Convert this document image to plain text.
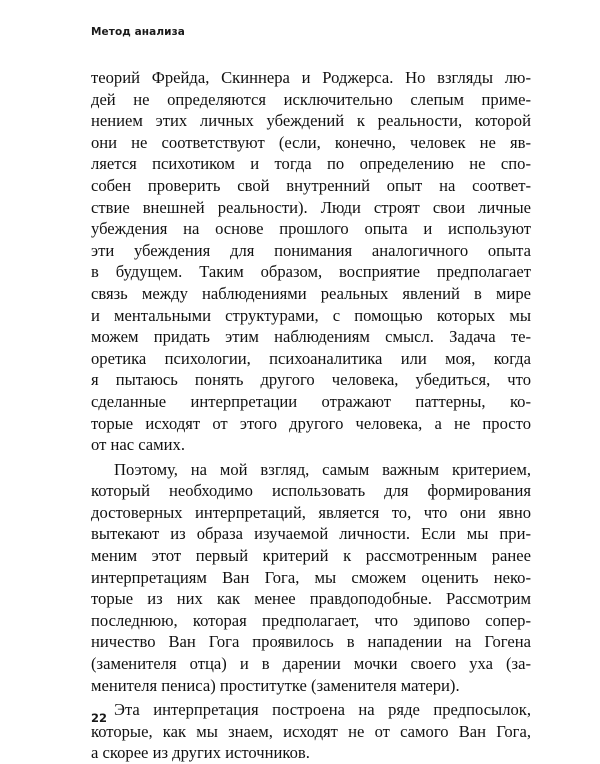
Метод анализа
теорий Фрейда, Скиннера и Роджерса. Но взгляды лю-
дей не определяются исключительно слепым приме-
нением этих личных убеждений к реальности, которой
они не соответствуют (если, конечно, человек не яв-
ляется психотиком и тогда по определению не спо-
собен проверить свой внутренний опыт на соответ-
ствие внешней реальности). Люди строят свои личные
убеждения на основе прошлого опыта и используют
эти убеждения для понимания аналогичного опыта
в будущем. Таким образом, восприятие предполагает
связь между наблюдениями реальных явлений в мире
и ментальными структурами, с помощью которых мы
можем придать этим наблюдениям смысл. Задача те-
оретика психологии, психоаналитика или моя, когда
я пытаюсь понять другого человека, убедиться, что
сделанные интерпретации отражают паттерны, ко-
торые исходят от этого другого человека, а не просто
от нас самих.
Поэтому, на мой взгляд, самым важным критерием,
который необходимо использовать для формирования
достоверных интерпретаций, является то, что они явно
вытекают из образа изучаемой личности. Если мы при-
меним этот первый критерий к рассмотренным ранее
интерпретациям Ван Гога, мы сможем оценить неко-
торые из них как менее правдоподобные. Рассмотрим
последнюю, которая предполагает, что эдипово сопер-
ничество Ван Гога проявилось в нападении на Гогена
(заменителя отца) и в дарении мочки своего уха (за-
менителя пениса) проститутке (заменителя матери).
Эта интерпретация построена на ряде предпосылок,
которые, как мы знаем, исходят не от самого Ван Гога,
а скорее из других источников.
22
